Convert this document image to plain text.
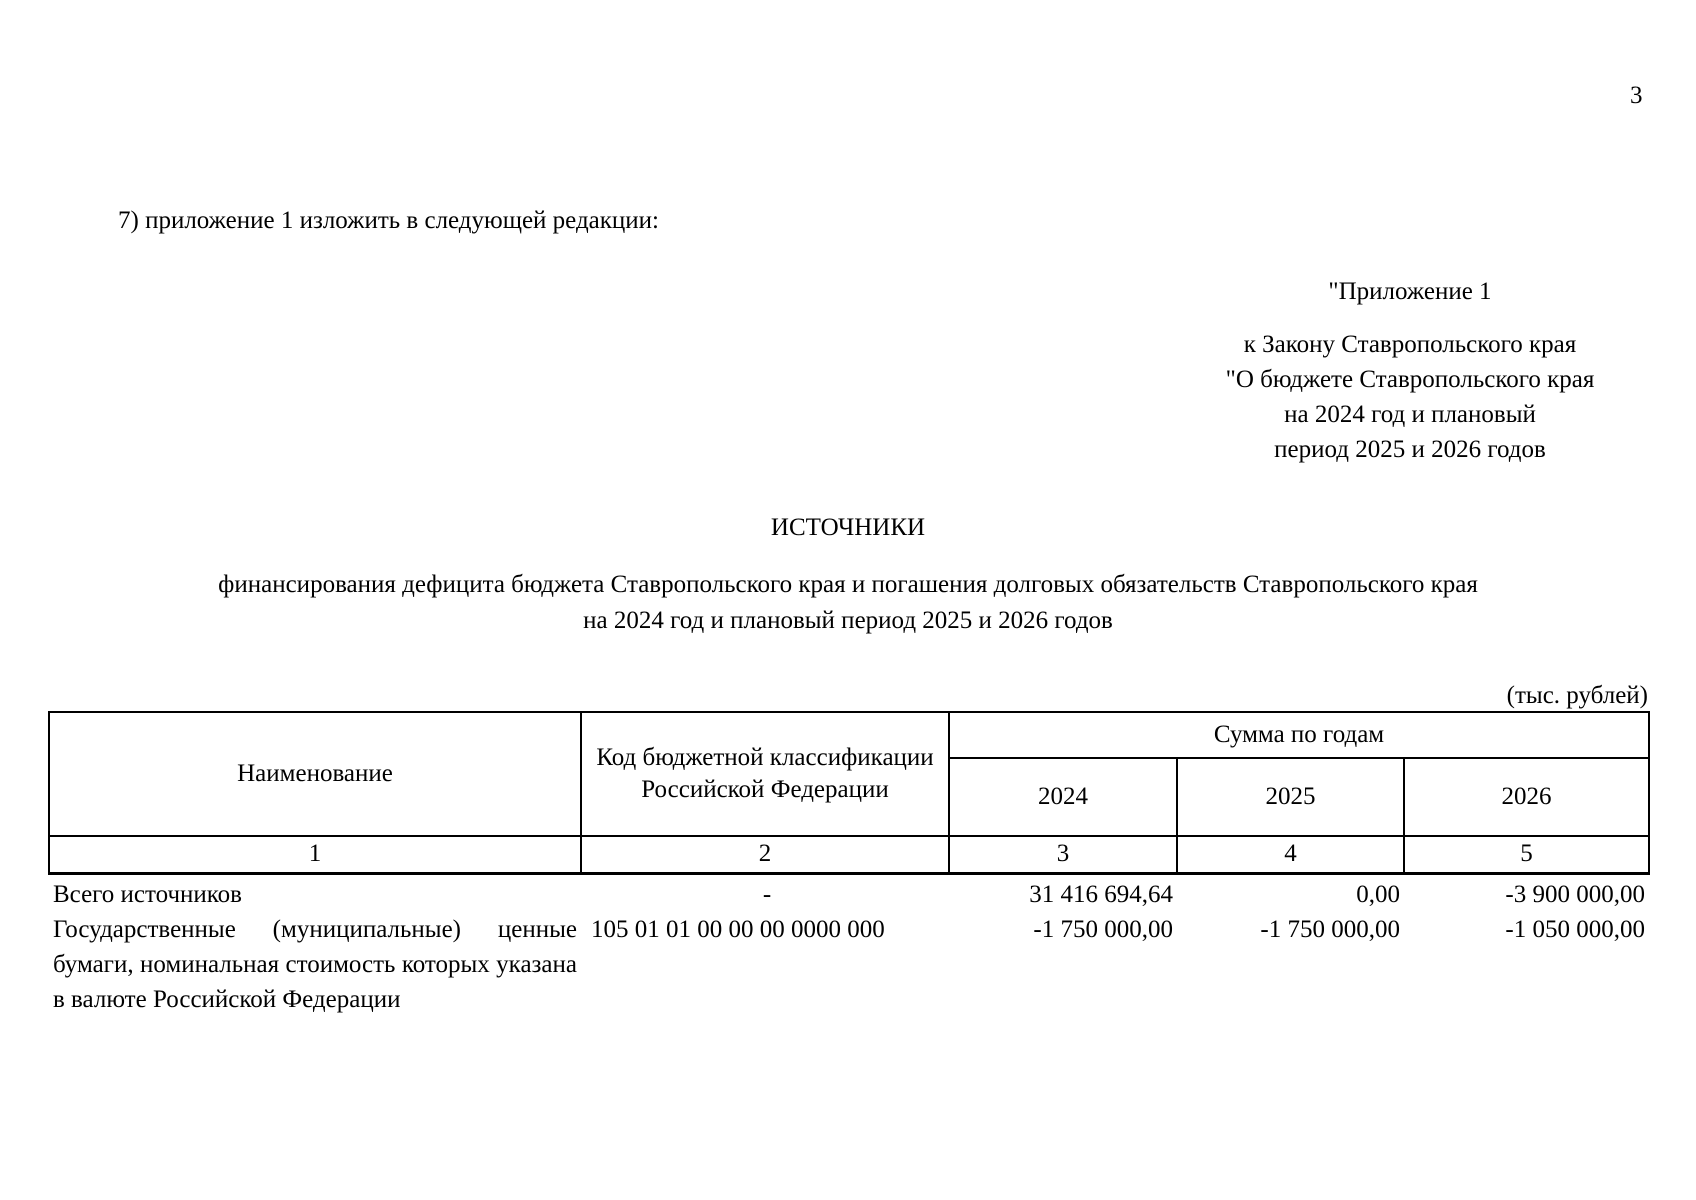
3
7) приложение 1 изложить в следующей редакции:
"Приложение 1
к Закону Ставропольского края
"О бюджете Ставропольского края
на 2024 год и плановый
период 2025 и 2026 годов
ИСТОЧНИКИ
финансирования дефицита бюджета Ставропольского края и погашения долговых обязательств Ставропольского края
на 2024 год и плановый период 2025 и 2026 годов
(тыс. рублей)
Наименование	Код бюджетной классификации Российской Федерации	Сумма по годам		
		2024	2025	2026
1	2	3	4	5
Всего источников	-	31 416 694,64	0,00	-3 900 000,00
Государственные (муниципальные) ценные бумаги, номинальная стоимость которых указана в валюте Российской Федерации	105 01 01 00 00 00 0000 000	-1 750 000,00	-1 750 000,00	-1 050 000,00
